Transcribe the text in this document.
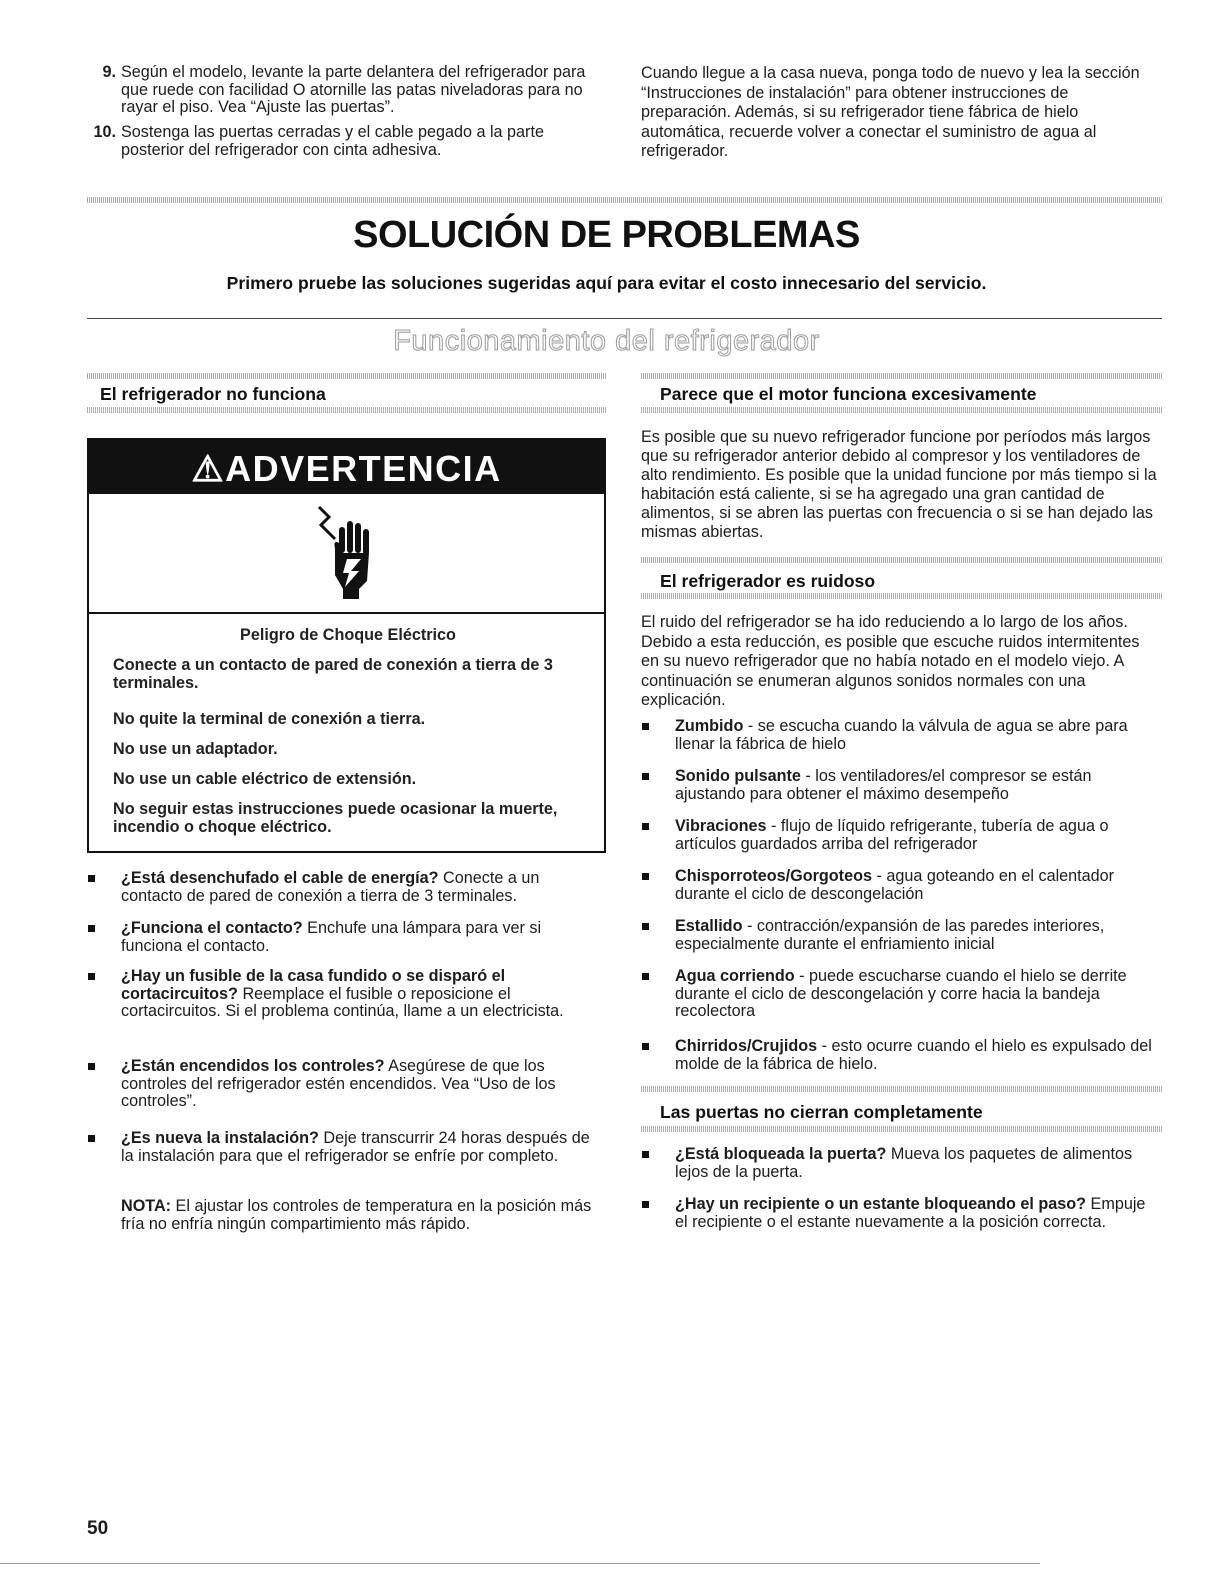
9. Según el modelo, levante la parte delantera del refrigerador para que ruede con facilidad O atornille las patas niveladoras para no rayar el piso. Vea “Ajuste las puertas”.
10. Sostenga las puertas cerradas y el cable pegado a la parte posterior del refrigerador con cinta adhesiva.
Cuando llegue a la casa nueva, ponga todo de nuevo y lea la sección “Instrucciones de instalación” para obtener instrucciones de preparación. Además, si su refrigerador tiene fábrica de hielo automática, recuerde volver a conectar el suministro de agua al refrigerador.
SOLUCIÓN DE PROBLEMAS
Primero pruebe las soluciones sugeridas aquí para evitar el costo innecesario del servicio.
Funcionamiento del refrigerador
El refrigerador no funciona
⚠ADVERTENCIA
Peligro de Choque Eléctrico
Conecte a un contacto de pared de conexión a tierra de 3 terminales.
No quite la terminal de conexión a tierra.
No use un adaptador.
No use un cable eléctrico de extensión.
No seguir estas instrucciones puede ocasionar la muerte, incendio o choque eléctrico.
¿Está desenchufado el cable de energía? Conecte a un contacto de pared de conexión a tierra de 3 terminales.
¿Funciona el contacto? Enchufe una lámpara para ver si funciona el contacto.
¿Hay un fusible de la casa fundido o se disparó el cortacircuitos? Reemplace el fusible o reposicione el cortacircuitos. Si el problema continúa, llame a un electricista.
¿Están encendidos los controles? Asegúrese de que los controles del refrigerador estén encendidos. Vea “Uso de los controles”.
¿Es nueva la instalación? Deje transcurrir 24 horas después de la instalación para que el refrigerador se enfríe por completo.
NOTA: El ajustar los controles de temperatura en la posición más fría no enfría ningún compartimiento más rápido.
Parece que el motor funciona excesivamente
Es posible que su nuevo refrigerador funcione por períodos más largos que su refrigerador anterior debido al compresor y los ventiladores de alto rendimiento. Es posible que la unidad funcione por más tiempo si la habitación está caliente, si se ha agregado una gran cantidad de alimentos, si se abren las puertas con frecuencia o si se han dejado las mismas abiertas.
El refrigerador es ruidoso
El ruido del refrigerador se ha ido reduciendo a lo largo de los años. Debido a esta reducción, es posible que escuche ruidos intermitentes en su nuevo refrigerador que no había notado en el modelo viejo. A continuación se enumeran algunos sonidos normales con una explicación.
Zumbido - se escucha cuando la válvula de agua se abre para llenar la fábrica de hielo
Sonido pulsante - los ventiladores/el compresor se están ajustando para obtener el máximo desempeño
Vibraciones - flujo de líquido refrigerante, tubería de agua o artículos guardados arriba del refrigerador
Chisporroteos/Gorgoteos - agua goteando en el calentador durante el ciclo de descongelación
Estallido - contracción/expansión de las paredes interiores, especialmente durante el enfriamiento inicial
Agua corriendo - puede escucharse cuando el hielo se derrite durante el ciclo de descongelación y corre hacia la bandeja recolectora
Chirridos/Crujidos - esto ocurre cuando el hielo es expulsado del molde de la fábrica de hielo.
Las puertas no cierran completamente
¿Está bloqueada la puerta? Mueva los paquetes de alimentos lejos de la puerta.
¿Hay un recipiente o un estante bloqueando el paso? Empuje el recipiente o el estante nuevamente a la posición correcta.
50
